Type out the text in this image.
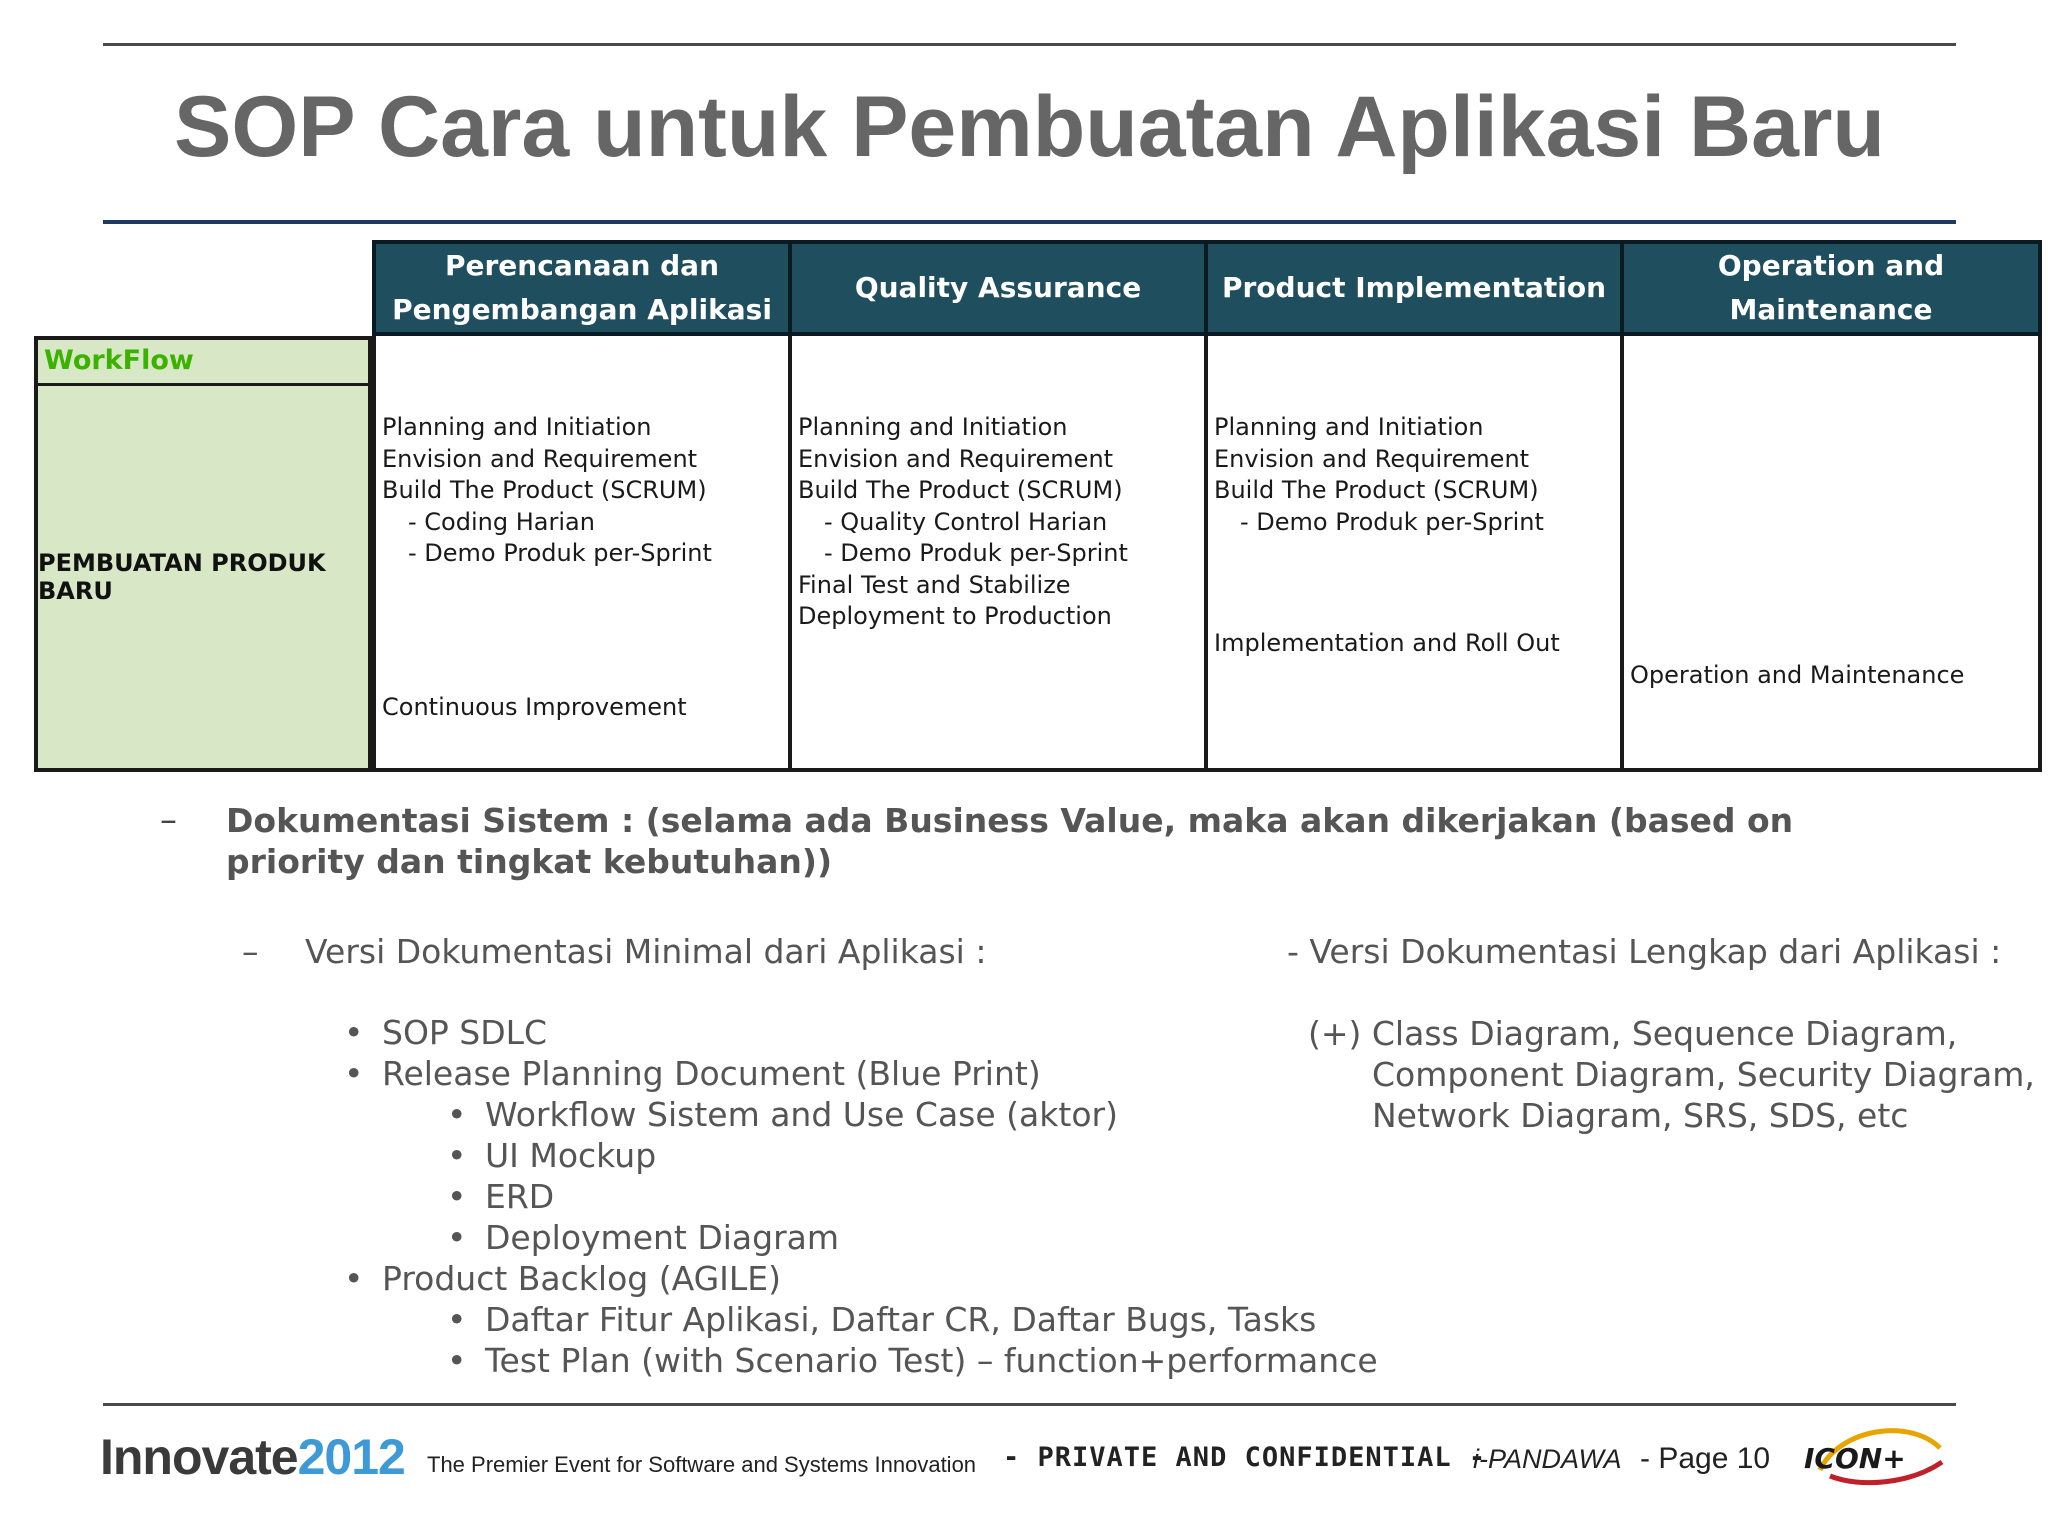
SOP Cara untuk Pembuatan Aplikasi Baru
Perencanaan dan Pengembangan Aplikasi
Quality Assurance	Product Implementation
Operation and Maintenance
WorkFlow
PEMBUATAN PRODUK BARU
Planning and Initiation
Envision and Requirement
Build The Product (SCRUM)
- Coding Harian
- Demo Produk per-Sprint
Continuous Improvement
Planning and Initiation
Envision and Requirement
Build The Product (SCRUM)
- Quality Control Harian
- Demo Produk per-Sprint
Final Test and Stabilize
Deployment to Production
Planning and Initiation
Envision and Requirement
Build The Product (SCRUM)
- Demo Produk per-Sprint
Implementation and Roll Out
Operation and Maintenance
– Dokumentasi Sistem : (selama ada Business Value, maka akan dikerjakan (based on priority dan tingkat kebutuhan))
– Versi Dokumentasi Minimal dari Aplikasi :
• SOP SDLC
• Release Planning Document (Blue Print)
• Workflow Sistem and Use Case (aktor)
• UI Mockup
• ERD
• Deployment Diagram
• Product Backlog (AGILE)
• Daftar Fitur Aplikasi, Daftar CR, Daftar Bugs, Tasks
• Test Plan (with Scenario Test) – function+performance
- Versi Dokumentasi Lengkap dari Aplikasi :
(+) Class Diagram, Sequence Diagram,
Component Diagram, Security Diagram,
Network Diagram, SRS, SDS, etc
Innovate2012 The Premier Event for Software and Systems Innovation - PRIVATE AND CONFIDENTIAL -
i-PANDAWA - Page 10 ICON+
